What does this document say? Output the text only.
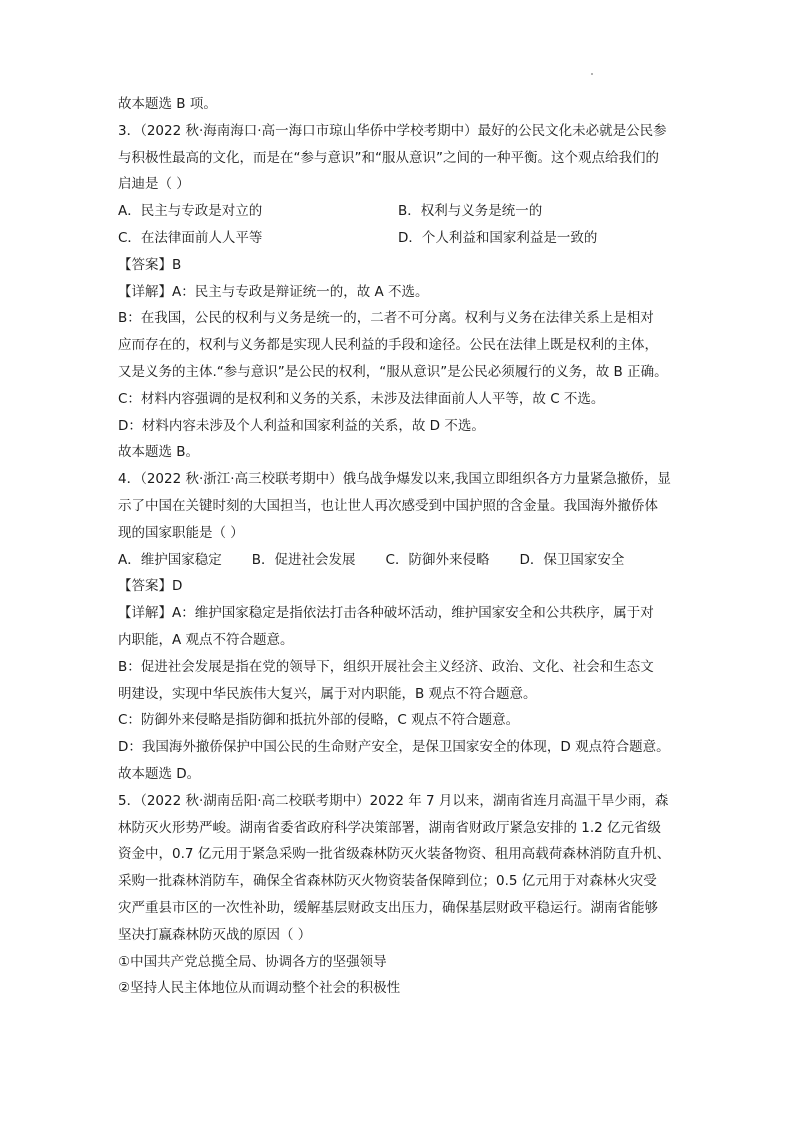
故本题选 B 项。
3．（2022 秋·海南海口·高一海口市琼山华侨中学校考期中）最好的公民文化未必就是公民参
与积极性最高的文化，而是在“参与意识”和“服从意识”之间的一种平衡。这个观点给我们的
启迪是（ ）
A．民主与专政是对立的	B．权利与义务是统一的
C．在法律面前人人平等	D．个人利益和国家利益是一致的
【答案】B
【详解】A：民主与专政是辩证统一的，故 A 不选。
B：在我国，公民的权利与义务是统一的，二者不可分离。权利与义务在法律关系上是相对
应而存在的，权利与义务都是实现人民利益的手段和途径。公民在法律上既是权利的主体，
又是义务的主体.“参与意识”是公民的权利，“服从意识”是公民必须履行的义务，故 B 正确。
C：材料内容强调的是权利和义务的关系，未涉及法律面前人人平等，故 C 不选。
D：材料内容未涉及个人利益和国家利益的关系，故 D 不选。
故本题选 B。
4．（2022 秋·浙江·高三校联考期中）俄乌战争爆发以来,我国立即组织各方力量紧急撤侨，显
示了中国在关键时刻的大国担当，也让世人再次感受到中国护照的含金量。我国海外撤侨体
现的国家职能是（ ）
A．维护国家稳定 B．促进社会发展 C．防御外来侵略 D．保卫国家安全
【答案】D
【详解】A：维护国家稳定是指依法打击各种破坏活动，维护国家安全和公共秩序，属于对
内职能，A 观点不符合题意。
B：促进社会发展是指在党的领导下，组织开展社会主义经济、政治、文化、社会和生态文
明建设，实现中华民族伟大复兴，属于对内职能，B 观点不符合题意。
C：防御外来侵略是指防御和抵抗外部的侵略，C 观点不符合题意。
D：我国海外撤侨保护中国公民的生命财产安全，是保卫国家安全的体现，D 观点符合题意。
故本题选 D。
5．（2022 秋·湖南岳阳·高二校联考期中）2022 年 7 月以来，湖南省连月高温干旱少雨，森
林防灭火形势严峻。湖南省委省政府科学决策部署，湖南省财政厅紧急安排的 1.2 亿元省级
资金中，0.7 亿元用于紧急采购一批省级森林防灭火装备物资、租用高载荷森林消防直升机、
采购一批森林消防车，确保全省森林防灭火物资装备保障到位；0.5 亿元用于对森林火灾受
灾严重县市区的一次性补助，缓解基层财政支出压力，确保基层财政平稳运行。湖南省能够
坚决打赢森林防灭战的原因（ ）
①中国共产党总揽全局、协调各方的坚强领导
②坚持人民主体地位从而调动整个社会的积极性
